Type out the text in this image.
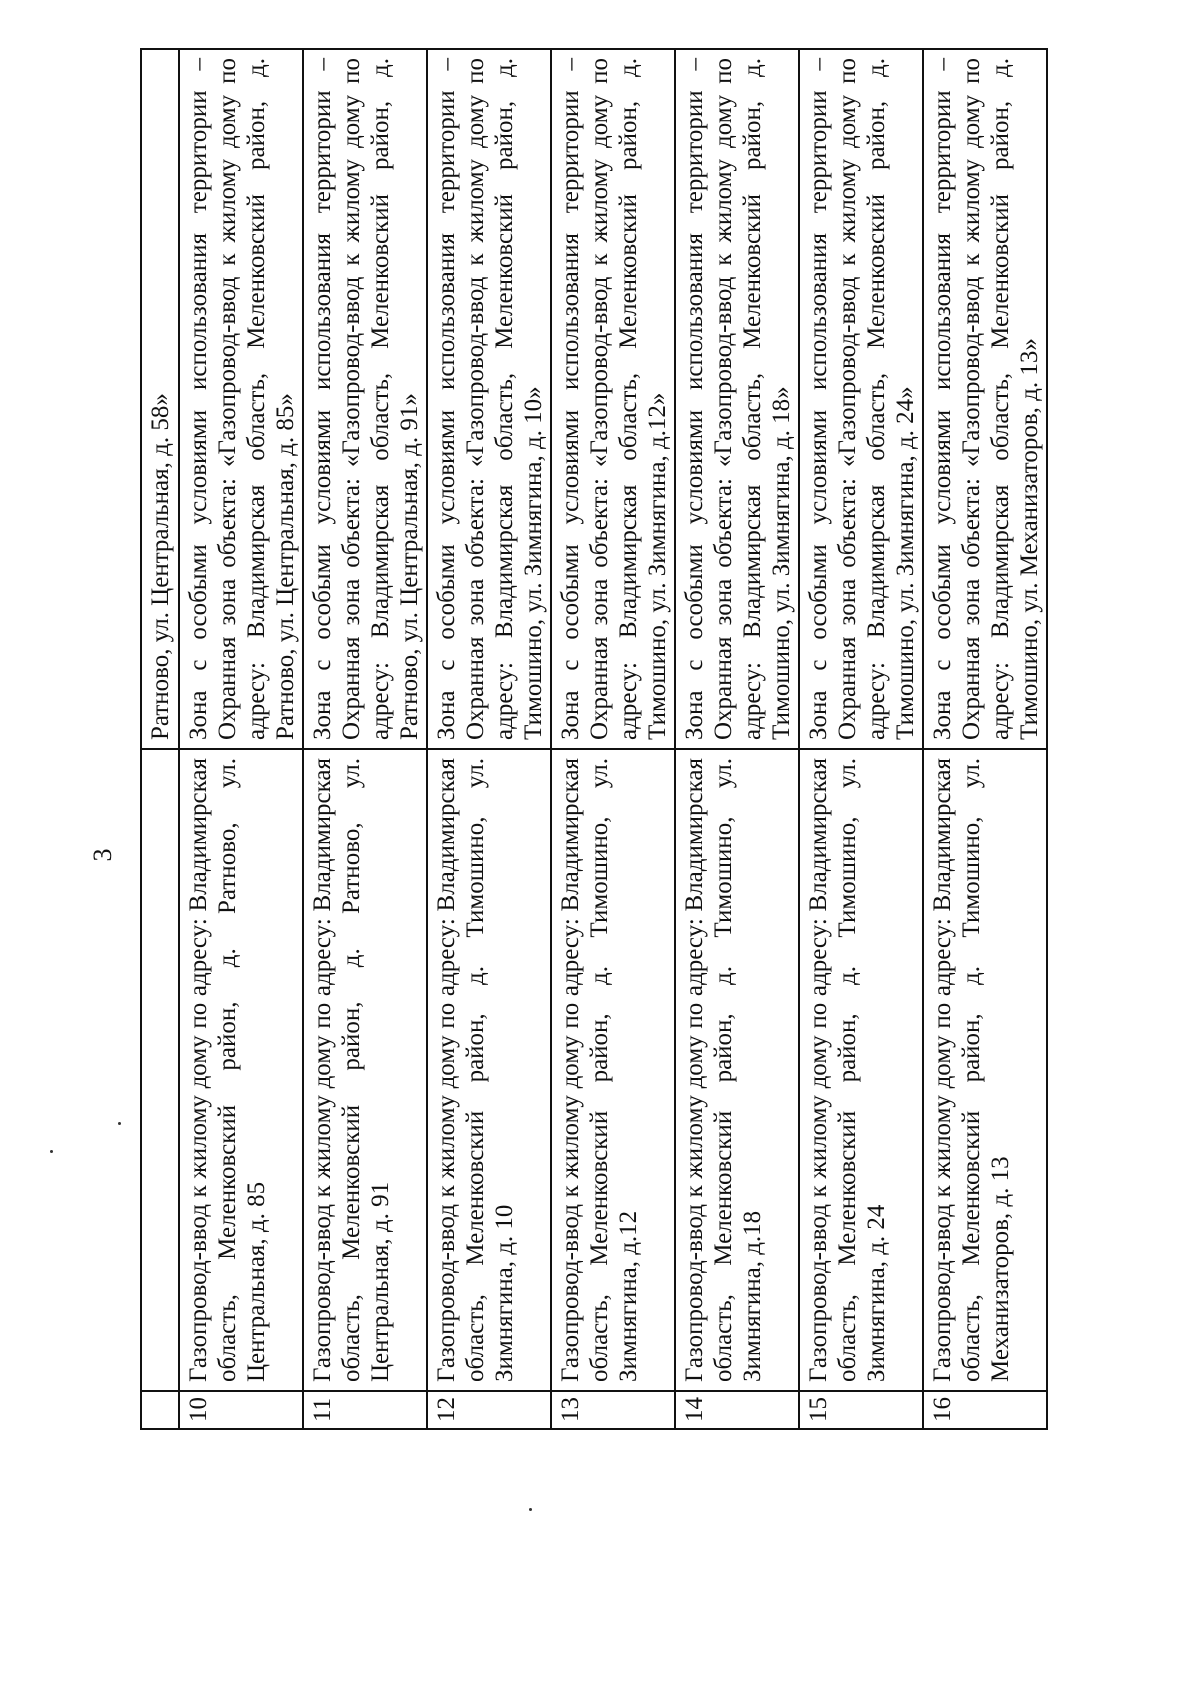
3
		Ратново, ул. Центральная, д. 58»
10	Газопровод-ввод к жилому дому по адресу: Владимирская область, Меленковский район, д. Ратново, ул. Центральная, д. 85	Зона с особыми условиями использования территории – Охранная зона объекта: «Газопровод-ввод к жилому дому по адресу: Владимирская область, Меленковский район, д. Ратново, ул. Центральная, д. 85»
11	Газопровод-ввод к жилому дому по адресу: Владимирская область, Меленковский район, д. Ратново, ул. Центральная, д. 91	Зона с особыми условиями использования территории – Охранная зона объекта: «Газопровод-ввод к жилому дому по адресу: Владимирская область, Меленковский район, д. Ратново, ул. Центральная, д. 91»
12	Газопровод-ввод к жилому дому по адресу: Владимирская область, Меленковский район, д. Тимошино, ул. Зимнягина, д. 10	Зона с особыми условиями использования территории – Охранная зона объекта: «Газопровод-ввод к жилому дому по адресу: Владимирская область, Меленковский район, д. Тимошино, ул. Зимнягина, д. 10»
13	Газопровод-ввод к жилому дому по адресу: Владимирская область, Меленковский район, д. Тимошино, ул. Зимнягина, д.12	Зона с особыми условиями использования территории – Охранная зона объекта: «Газопровод-ввод к жилому дому по адресу: Владимирская область, Меленковский район, д. Тимошино, ул. Зимнягина, д.12»
14	Газопровод-ввод к жилому дому по адресу: Владимирская область, Меленковский район, д. Тимошино, ул. Зимнягина, д.18	Зона с особыми условиями использования территории – Охранная зона объекта: «Газопровод-ввод к жилому дому по адресу: Владимирская область, Меленковский район, д. Тимошино, ул. Зимнягина, д. 18»
15	Газопровод-ввод к жилому дому по адресу: Владимирская область, Меленковский район, д. Тимошино, ул. Зимнягина, д. 24	Зона с особыми условиями использования территории – Охранная зона объекта: «Газопровод-ввод к жилому дому по адресу: Владимирская область, Меленковский район, д. Тимошино, ул. Зимнягина, д. 24»
16	Газопровод-ввод к жилому дому по адресу: Владимирская область, Меленковский район, д. Тимошино, ул. Механизаторов, д. 13	Зона с особыми условиями использования территории – Охранная зона объекта: «Газопровод-ввод к жилому дому по адресу: Владимирская область, Меленковский район, д. Тимошино, ул. Механизаторов, д. 13»
